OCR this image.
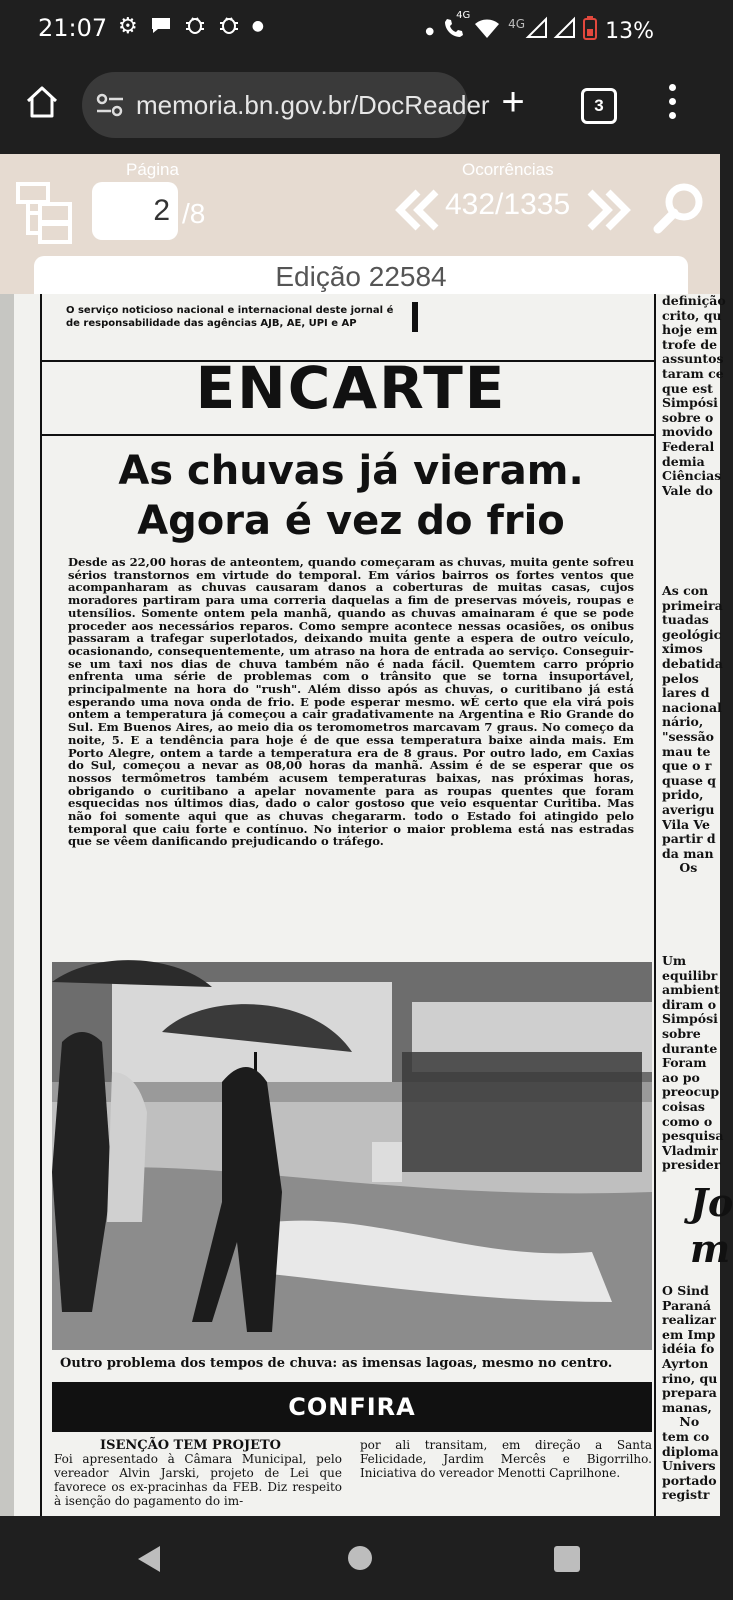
21:07 ⚙	●	●
4G
4G	13%
memoria.bn.gov.br/DocReader +	3
Página
2 /8
Ocorrências
432/1335
Edição 22584
O serviço noticioso nacional e internacional deste jornal é de responsabilidade das agências AJB, AE, UPI e AP
ENCARTE
As chuvas já vieram.
Agora é vez do frio
Desde as 22,00 horas de anteontem, quando começaram as chuvas, muita gente sofreu sérios transtornos em virtude do temporal. Em vários bairros os fortes ventos que acompanharam as chuvas causaram danos a coberturas de muitas casas, cujos moradores partiram para uma correria daquelas a fim de preservas móveis, roupas e utensílios. Somente ontem pela manhã, quando as chuvas amainaram é que se pode proceder aos necessários reparos. Como sempre acontece nessas ocasiões, os onibus passaram a trafegar superlotados, deixando muita gente a espera de outro veículo, ocasionando, consequentemente, um atraso na hora de entrada ao serviço. Conseguir-se um taxi nos dias de chuva também não é nada fácil. Quemtem carro próprio enfrenta uma série de problemas com o trânsito que se torna insuportável, principalmente na hora do "rush". Além disso após as chuvas, o curitibano já está esperando uma nova onda de frio. E pode esperar mesmo. wÉ certo que ela virá pois ontem a temperatura já começou a cair gradativamente na Argentina e Rio Grande do Sul. Em Buenos Aires, ao meio dia os teromometros marcavam 7 graus. No começo da noite, 5. E a tendência para hoje é de que essa temperatura baixe ainda mais. Em Porto Alegre, ontem a tarde a temperatura era de 8 graus. Por outro lado, em Caxias do Sul, começou a nevar as 08,00 horas da manhã. Assim é de se esperar que os nossos termômetros também acusem temperaturas baixas, nas próximas horas, obrigando o curitibano a apelar novamente para as roupas quentes que foram esquecidas nos últimos dias, dado o calor gostoso que veio esquentar Curitiba. Mas não foi somente aqui que as chuvas chegararm. todo o Estado foi atingido pelo temporal que caiu forte e contínuo. No interior o maior problema está nas estradas que se vêem danificando prejudicando o tráfego.
Outro problema dos tempos de chuva: as imensas lagoas, mesmo no centro.
CONFIRA
ISENÇÃO TEM PROJETO
Foi apresentado à Câmara Municipal, pelo vereador Alvin Jarski, projeto de Lei que favorece os ex-pracinhas da FEB. Diz respeito à isenção do pagamento do im-
por ali transitam, em direção a Santa Felicidade, Jardim Mercês e Bigorrilho. Iniciativa do vereador Menotti Caprilhone.
definição
crito, qu
hoje em
trofe de
assuntos
taram ce
que est
Simpósi
sobre o
movido
Federal
demia
Ciências
Vale do
As con
primeira
tuadas
geológic
ximos
debatida
pelos
lares d
nacional
nário,
"sessão
mau te
que o r
quase q
prido,
averigu
Vila Ve
partir d
da man
Os
Um
equilibr
ambient
diram o
Simpósi
sobre
durante
Foram
ao po
preocup
coisas
como o
pesquisa
Vladmir
presider
Jo
m
O Sind
Paraná
realizar
em Imp
idéia fo
Ayrton
rino, qu
prepara
manas,
No
tem co
diploma
Univers
portado
registr
